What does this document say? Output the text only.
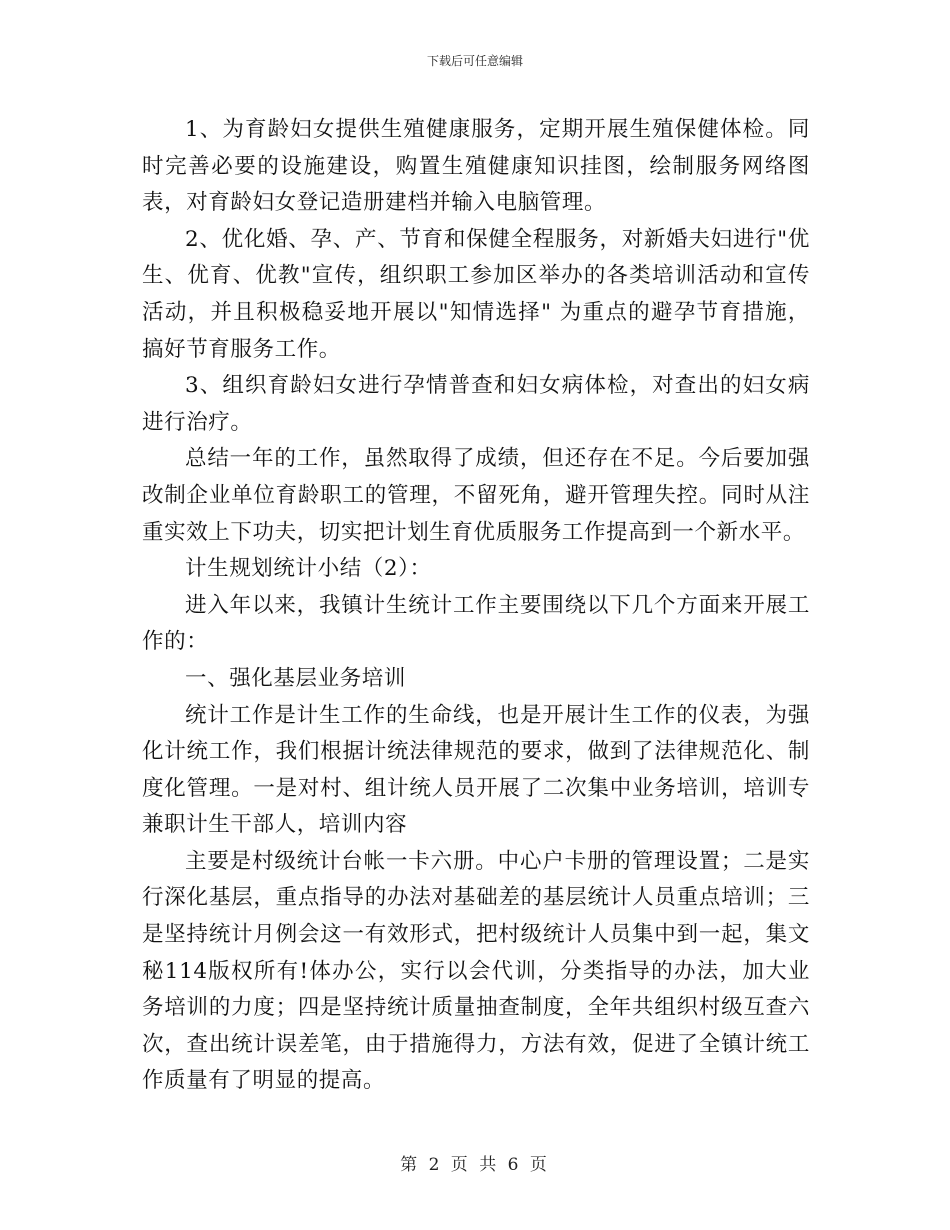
下载后可任意编辑

1、为育龄妇女提供生殖健康服务，定期开展生殖保健体检。同时完善必要的设施建设，购置生殖健康知识挂图，绘制服务网络图表，对育龄妇女登记造册建档并输入电脑管理。

2、优化婚、孕、产、节育和保健全程服务，对新婚夫妇进行"优生、优育、优教"宣传，组织职工参加区举办的各类培训活动和宣传活动，并且积极稳妥地开展以"知情选择" 为重点的避孕节育措施，搞好节育服务工作。

3、组织育龄妇女进行孕情普查和妇女病体检，对查出的妇女病进行治疗。

总结一年的工作，虽然取得了成绩，但还存在不足。今后要加强改制企业单位育龄职工的管理，不留死角，避开管理失控。同时从注重实效上下功夫，切实把计划生育优质服务工作提高到一个新水平。

计生规划统计小结（2）：

进入年以来，我镇计生统计工作主要围绕以下几个方面来开展工作的：

一、强化基层业务培训

统计工作是计生工作的生命线，也是开展计生工作的仪表，为强化计统工作，我们根据计统法律规范的要求，做到了法律规范化、制度化管理。一是对村、组计统人员开展了二次集中业务培训，培训专兼职计生干部人，培训内容

主要是村级统计台帐一卡六册。中心户卡册的管理设置；二是实行深化基层，重点指导的办法对基础差的基层统计人员重点培训；三是坚持统计月例会这一有效形式，把村级统计人员集中到一起，集文秘114版权所有!体办公，实行以会代训，分类指导的办法，加大业务培训的力度；四是坚持统计质量抽查制度，全年共组织村级互查六次，查出统计误差笔，由于措施得力，方法有效，促进了全镇计统工作质量有了明显的提高。

第 2 页 共 6 页
